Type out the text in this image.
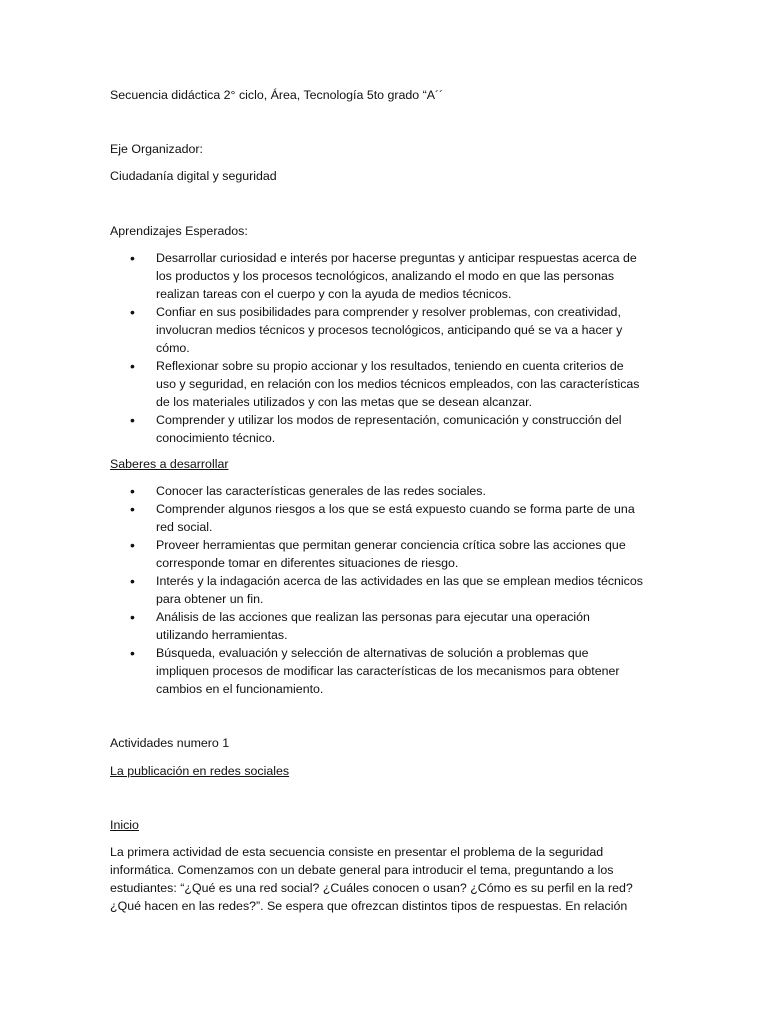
Secuencia didáctica 2° ciclo, Área, Tecnología 5to grado “A´´
Eje Organizador:
Ciudadanía digital y seguridad
Aprendizajes Esperados:
• Desarrollar curiosidad e interés por hacerse preguntas y anticipar respuestas acerca de
los productos y los procesos tecnológicos, analizando el modo en que las personas
realizan tareas con el cuerpo y con la ayuda de medios técnicos.
• Confiar en sus posibilidades para comprender y resolver problemas, con creatividad,
involucran medios técnicos y procesos tecnológicos, anticipando qué se va a hacer y
cómo.
• Reflexionar sobre su propio accionar y los resultados, teniendo en cuenta criterios de
uso y seguridad, en relación con los medios técnicos empleados, con las características
de los materiales utilizados y con las metas que se desean alcanzar.
• Comprender y utilizar los modos de representación, comunicación y construcción del
conocimiento técnico.
Saberes a desarrollar
• Conocer las características generales de las redes sociales.
• Comprender algunos riesgos a los que se está expuesto cuando se forma parte de una
red social.
• Proveer herramientas que permitan generar conciencia crítica sobre las acciones que
corresponde tomar en diferentes situaciones de riesgo.
• Interés y la indagación acerca de las actividades en las que se emplean medios técnicos
para obtener un fin.
• Análisis de las acciones que realizan las personas para ejecutar una operación
utilizando herramientas.
• Búsqueda, evaluación y selección de alternativas de solución a problemas que
impliquen procesos de modificar las características de los mecanismos para obtener
cambios en el funcionamiento.
Actividades numero 1
La publicación en redes sociales
Inicio
La primera actividad de esta secuencia consiste en presentar el problema de la seguridad
informática. Comenzamos con un debate general para introducir el tema, preguntando a los
estudiantes: “¿Qué es una red social? ¿Cuáles conocen o usan? ¿Cómo es su perfil en la red?
¿Qué hacen en las redes?”. Se espera que ofrezcan distintos tipos de respuestas. En relación
